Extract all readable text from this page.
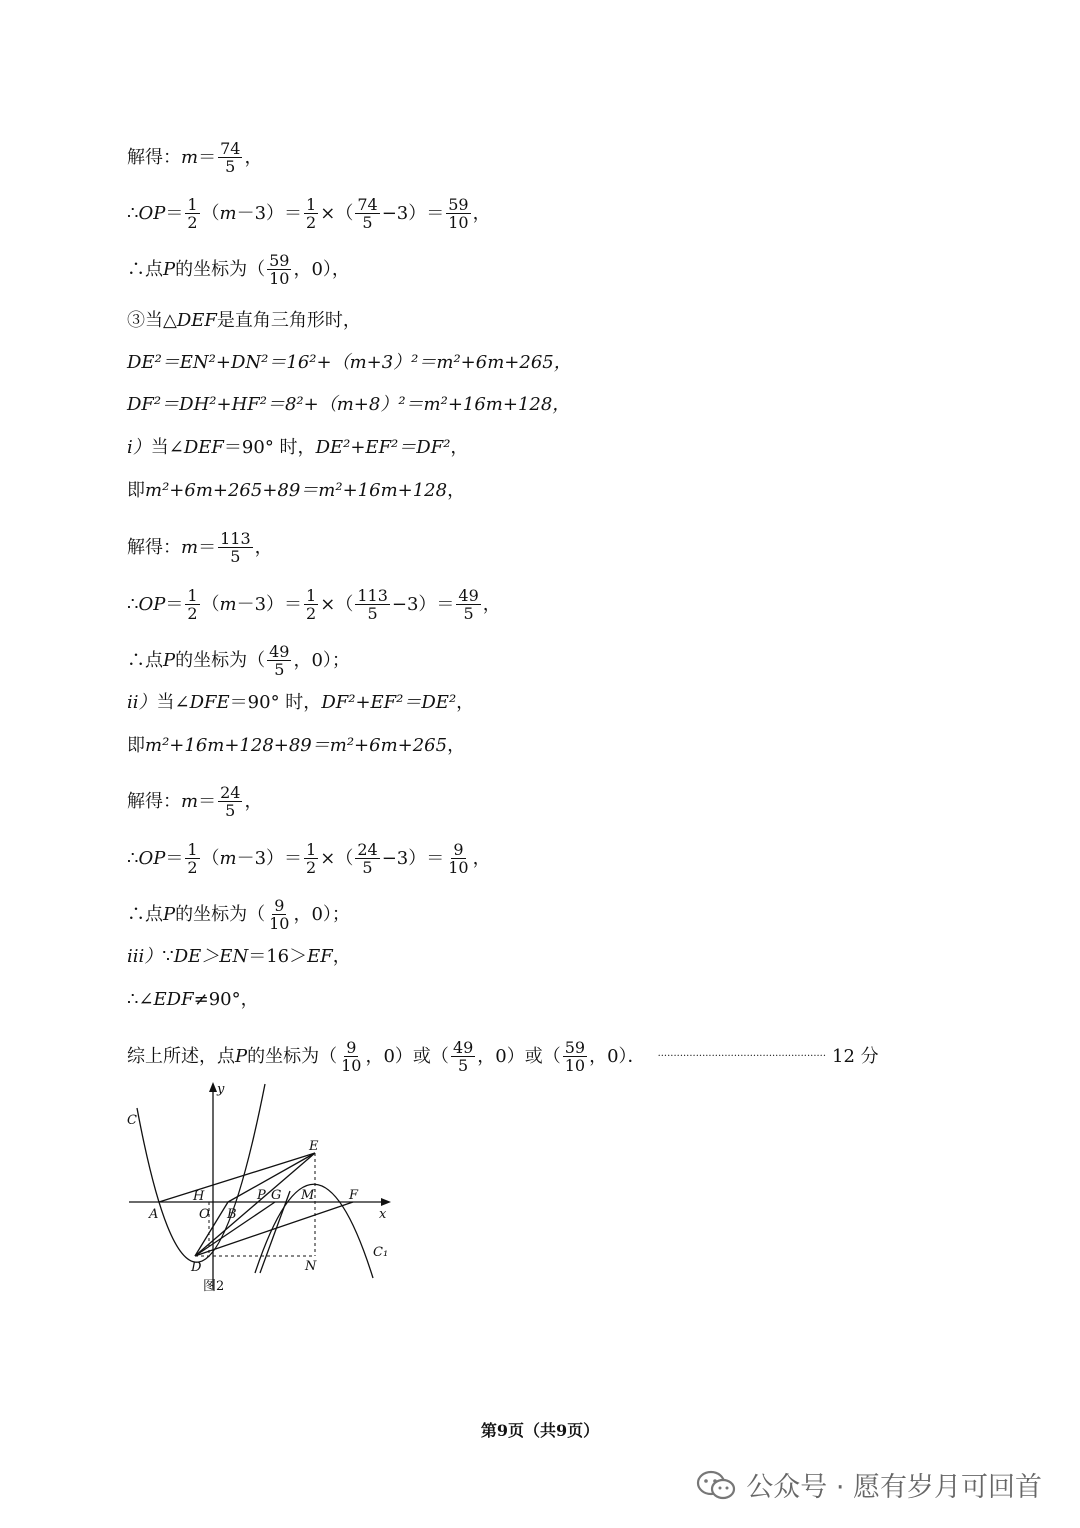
解得： $m = \frac{74}{5}$ ，
∴ OP ＝ $\frac{1}{2}$ （ $m -3)= \frac{1}{2}$ ×（ $\frac{74}{5} -3)= \frac{59}{10}$ ，
∴点 P 的坐标为（ $\frac{59}{10}$ ，0），
③当△ DEF 是直角三角形时，
DE²＝EN²+DN²＝16²+（m+3）²＝m²+6m+265，
DF²＝DH²+HF²＝8²+（m+8）²＝m²+16m+128，
i） 当∠ DEF ＝90° 时， DE²+EF²＝DF² ，
即 m²+6m+265+89＝m²+16m+128 ，
解得： $m = \frac{113}{5}$ ，
∴ OP ＝ $\frac{1}{2}$ （ $m -3)= \frac{1}{2}$ ×（ $\frac{113}{5} -3)= \frac{49}{5}$ ，
∴点 P 的坐标为（ $\frac{49}{5}$ ，0）；
ii） 当∠ DFE ＝90° 时， DF²+EF²＝DE² ，
即 m²+16m+128+89＝m²+6m+265 ，
解得： $m = \frac{24}{5}$ ，
∴ OP ＝ $\frac{1}{2}$ （ $m -3)= \frac{1}{2}$ ×（ $\frac{24}{5} -3)= \frac{9}{10}$ ，
∴点 P 的坐标为（ $\frac{9}{10}$ ，0）；
iii） ∵ DE＞EN ＝16＞ EF ，
∴∠ EDF ≠90°，
综上所述，点 P 的坐标为（ $\frac{9}{10}$ ，0）或（ $\frac{49}{5}$ ，0）或（ $\frac{59}{10}$ ，0）． ····················································· 12 分
C
C₁
y
x
E
H
A	O B
P G M	F
D	N
图2
第9页（共9页）
公众号 · 愿有岁月可回首
